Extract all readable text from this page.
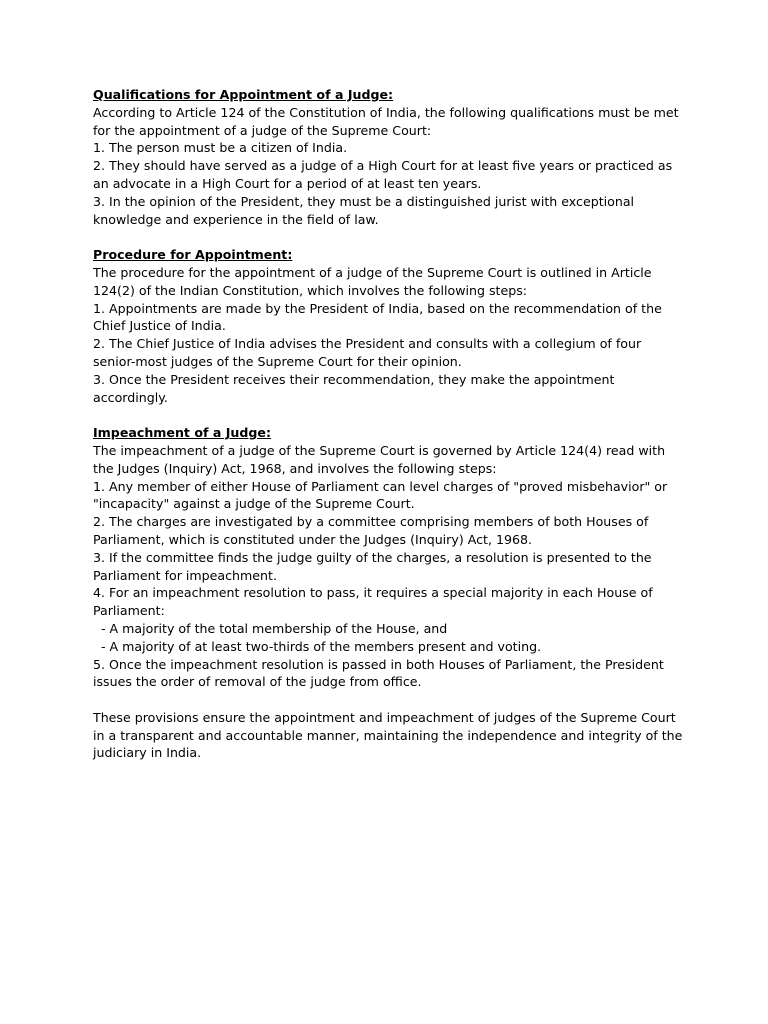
Qualifications for Appointment of a Judge:
According to Article 124 of the Constitution of India, the following qualifications must be met for the appointment of a judge of the Supreme Court:
1. The person must be a citizen of India.
2. They should have served as a judge of a High Court for at least five years or practiced as an advocate in a High Court for a period of at least ten years.
3. In the opinion of the President, they must be a distinguished jurist with exceptional knowledge and experience in the field of law.
Procedure for Appointment:
The procedure for the appointment of a judge of the Supreme Court is outlined in Article 124(2) of the Indian Constitution, which involves the following steps:
1. Appointments are made by the President of India, based on the recommendation of the Chief Justice of India.
2. The Chief Justice of India advises the President and consults with a collegium of four senior-most judges of the Supreme Court for their opinion.
3. Once the President receives their recommendation, they make the appointment accordingly.
Impeachment of a Judge:
The impeachment of a judge of the Supreme Court is governed by Article 124(4) read with the Judges (Inquiry) Act, 1968, and involves the following steps:
1. Any member of either House of Parliament can level charges of "proved misbehavior" or "incapacity" against a judge of the Supreme Court.
2. The charges are investigated by a committee comprising members of both Houses of Parliament, which is constituted under the Judges (Inquiry) Act, 1968.
3. If the committee finds the judge guilty of the charges, a resolution is presented to the Parliament for impeachment.
4. For an impeachment resolution to pass, it requires a special majority in each House of Parliament:
- A majority of the total membership of the House, and
- A majority of at least two-thirds of the members present and voting.
5. Once the impeachment resolution is passed in both Houses of Parliament, the President issues the order of removal of the judge from office.
These provisions ensure the appointment and impeachment of judges of the Supreme Court in a transparent and accountable manner, maintaining the independence and integrity of the judiciary in India.
